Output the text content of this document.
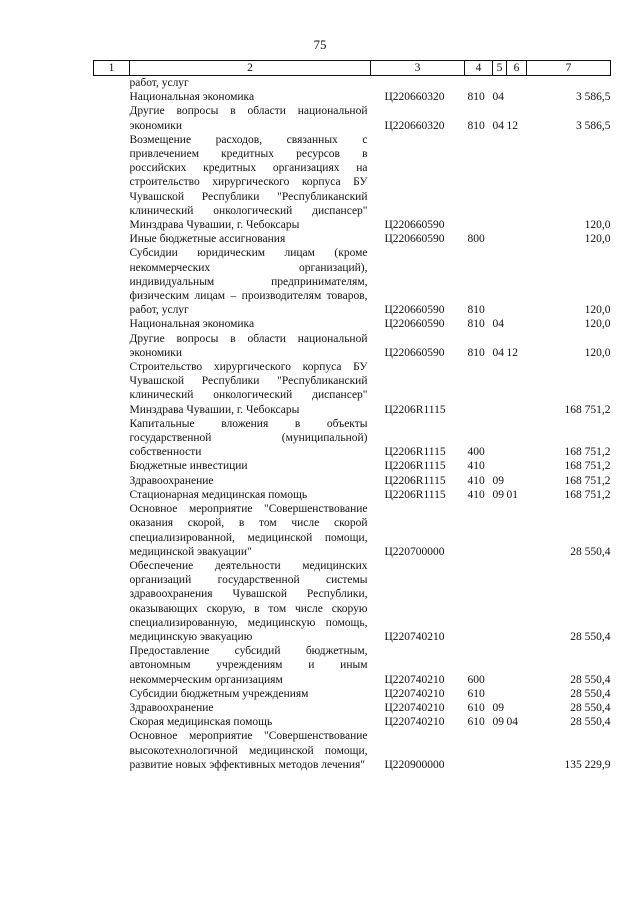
75
1	2	3	4	5	6	7
	работ, услуг					
	Национальная экономика	Ц220660320	810	04		3 586,5
	Другие вопросы в области национальной экономики	Ц220660320	810	04	12	3 586,5
	Возмещение расходов, связанных с привлечением кредитных ресурсов в российских кредитных организациях на строительство хирургического корпуса БУ Чувашской Республики "Республиканский клинический онкологический диспансер" Минздрава Чувашии, г. Чебоксары	Ц220660590				120,0
	Иные бюджетные ассигнования	Ц220660590	800			120,0
	Субсидии юридическим лицам (кроме некоммерческих организаций), индивидуальным предпринимателям, физическим лицам – производителям товаров, работ, услуг	Ц220660590	810			120,0
	Национальная экономика	Ц220660590	810	04		120,0
	Другие вопросы в области национальной экономики	Ц220660590	810	04	12	120,0
	Строительство хирургического корпуса БУ Чувашской Республики "Республиканский клинический онкологический диспансер" Минздрава Чувашии, г. Чебоксары	Ц2206R1115				168 751,2
	Капитальные вложения в объекты государственной (муниципальной) собственности	Ц2206R1115	400			168 751,2
	Бюджетные инвестиции	Ц2206R1115	410			168 751,2
	Здравоохранение	Ц2206R1115	410	09		168 751,2
	Стационарная медицинская помощь	Ц2206R1115	410	09	01	168 751,2
	Основное мероприятие "Совершенствование оказания скорой, в том числе скорой специализированной, медицинской помощи, медицинской эвакуации"	Ц220700000				28 550,4
	Обеспечение деятельности медицинских организаций государственной системы здравоохранения Чувашской Республики, оказывающих скорую, в том числе скорую специализированную, медицинскую помощь, медицинскую эвакуацию	Ц220740210				28 550,4
	Предоставление субсидий бюджетным, автономным учреждениям и иным некоммерческим организациям	Ц220740210	600			28 550,4
	Субсидии бюджетным учреждениям	Ц220740210	610			28 550,4
	Здравоохранение	Ц220740210	610	09		28 550,4
	Скорая медицинская помощь	Ц220740210	610	09	04	28 550,4
	Основное мероприятие "Совершенствование высокотехнологичной медицинской помощи, развитие новых эффективных методов лечения"	Ц220900000				135 229,9
